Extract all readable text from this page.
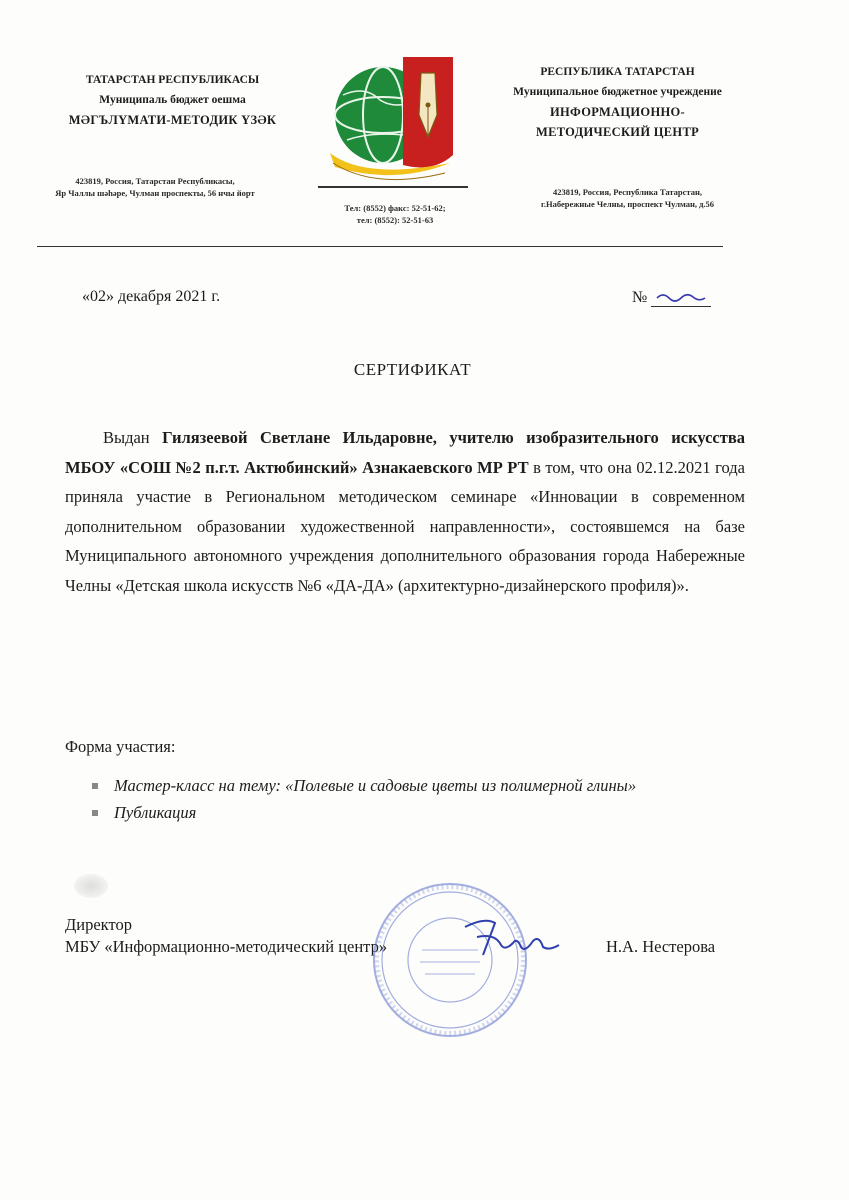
ТАТАРСТАН РЕСПУБЛИКАСЫ
Муниципаль бюджет оешма
МӘГЪЛҮМАТИ-МЕТОДИК ҮЗӘК
423819, Россия, Татарстан Республикасы,
Яр Чаллы шәһәре, Чулман проспекты, 56 нчы йорт
Тел: (8552) факс: 52-51-62;
тел: (8552): 52-51-63
РЕСПУБЛИКА ТАТАРСТАН
Муниципальное бюджетное учреждение
ИНФОРМАЦИОННО-
МЕТОДИЧЕСКИЙ ЦЕНТР
423819, Россия, Республика Татарстан,
г.Набережные Челны, проспект Чулман, д.56
«02» декабря 2021 г.	№
СЕРТИФИКАТ
Выдан Гилязеевой Светлане Ильдаровне, учителю изобразительного искусства МБОУ «СОШ №2 п.г.т. Актюбинский» Азнакаевского МР РТ в том, что она 02.12.2021 года приняла участие в Региональном методическом семинаре «Инновации в современном дополнительном образовании художественной направленности», состоявшемся на базе Муниципального автономного учреждения дополнительного образования города Набережные Челны «Детская школа искусств №6 «ДА-ДА» (архитектурно-дизайнерского профиля)».
Форма участия:
Мастер-класс на тему: «Полевые и садовые цветы из полимерной глины»
Публикация
Директор
МБУ «Информационно-методический центр»	Н.А. Нестерова
